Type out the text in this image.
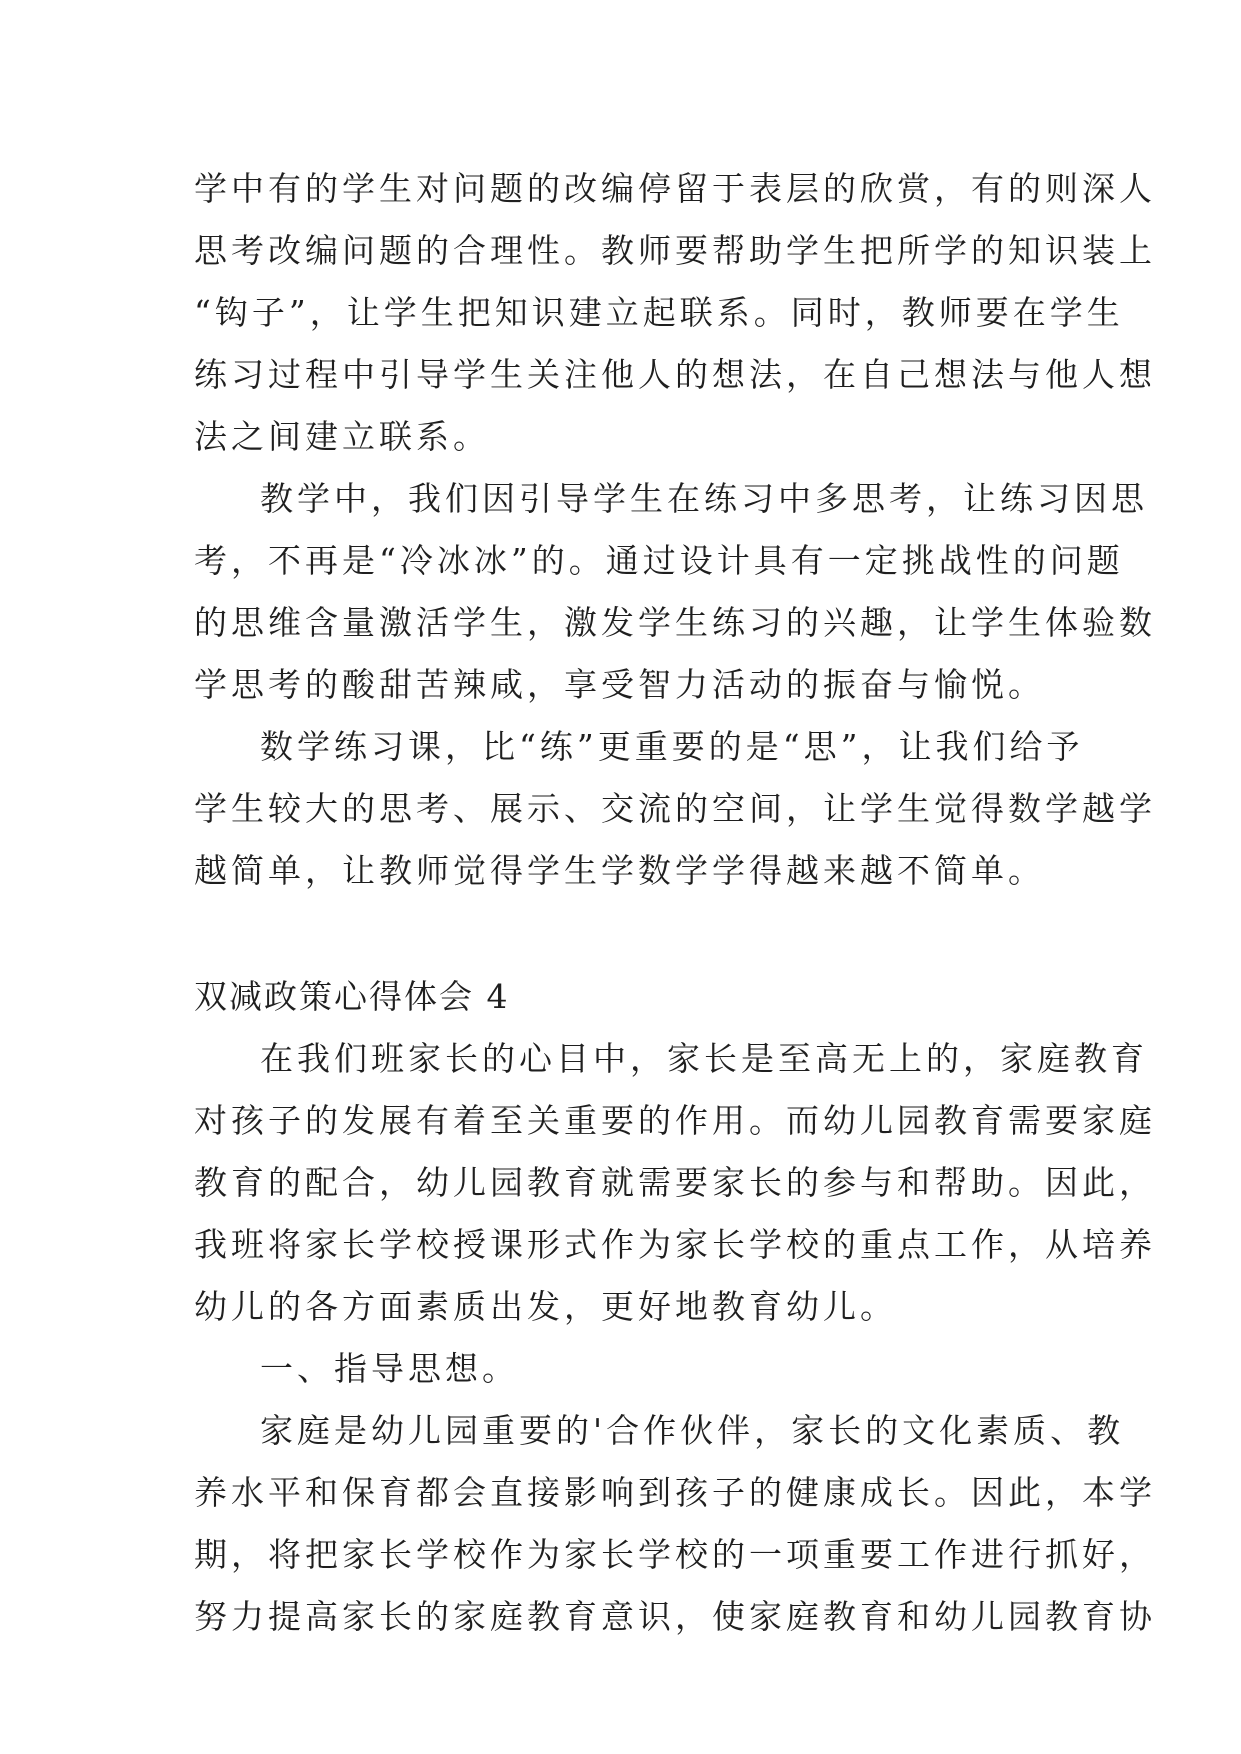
学中有的学生对问题的改编停留于表层的欣赏，有的则深人
思考改编问题的合理性。教师要帮助学生把所学的知识装上
“钩子”，让学生把知识建立起联系。同时，教师要在学生
练习过程中引导学生关注他人的想法，在自己想法与他人想
法之间建立联系。

教学中，我们因引导学生在练习中多思考，让练习因思
考，不再是“冷冰冰”的。通过设计具有一定挑战性的问题
的思维含量激活学生，激发学生练习的兴趣，让学生体验数
学思考的酸甜苦辣咸，享受智力活动的振奋与愉悦。

数学练习课，比“练”更重要的是“思”，让我们给予
学生较大的思考、展示、交流的空间，让学生觉得数学越学
越简单，让教师觉得学生学数学学得越来越不简单。

双减政策心得体会 4

在我们班家长的心目中，家长是至高无上的，家庭教育
对孩子的发展有着至关重要的作用。而幼儿园教育需要家庭
教育的配合，幼儿园教育就需要家长的参与和帮助。因此，
我班将家长学校授课形式作为家长学校的重点工作，从培养
幼儿的各方面素质出发，更好地教育幼儿。

一、指导思想。

家庭是幼儿园重要的'合作伙伴，家长的文化素质、教
养水平和保育都会直接影响到孩子的健康成长。因此，本学
期，将把家长学校作为家长学校的一项重要工作进行抓好，
努力提高家长的家庭教育意识，使家庭教育和幼儿园教育协
